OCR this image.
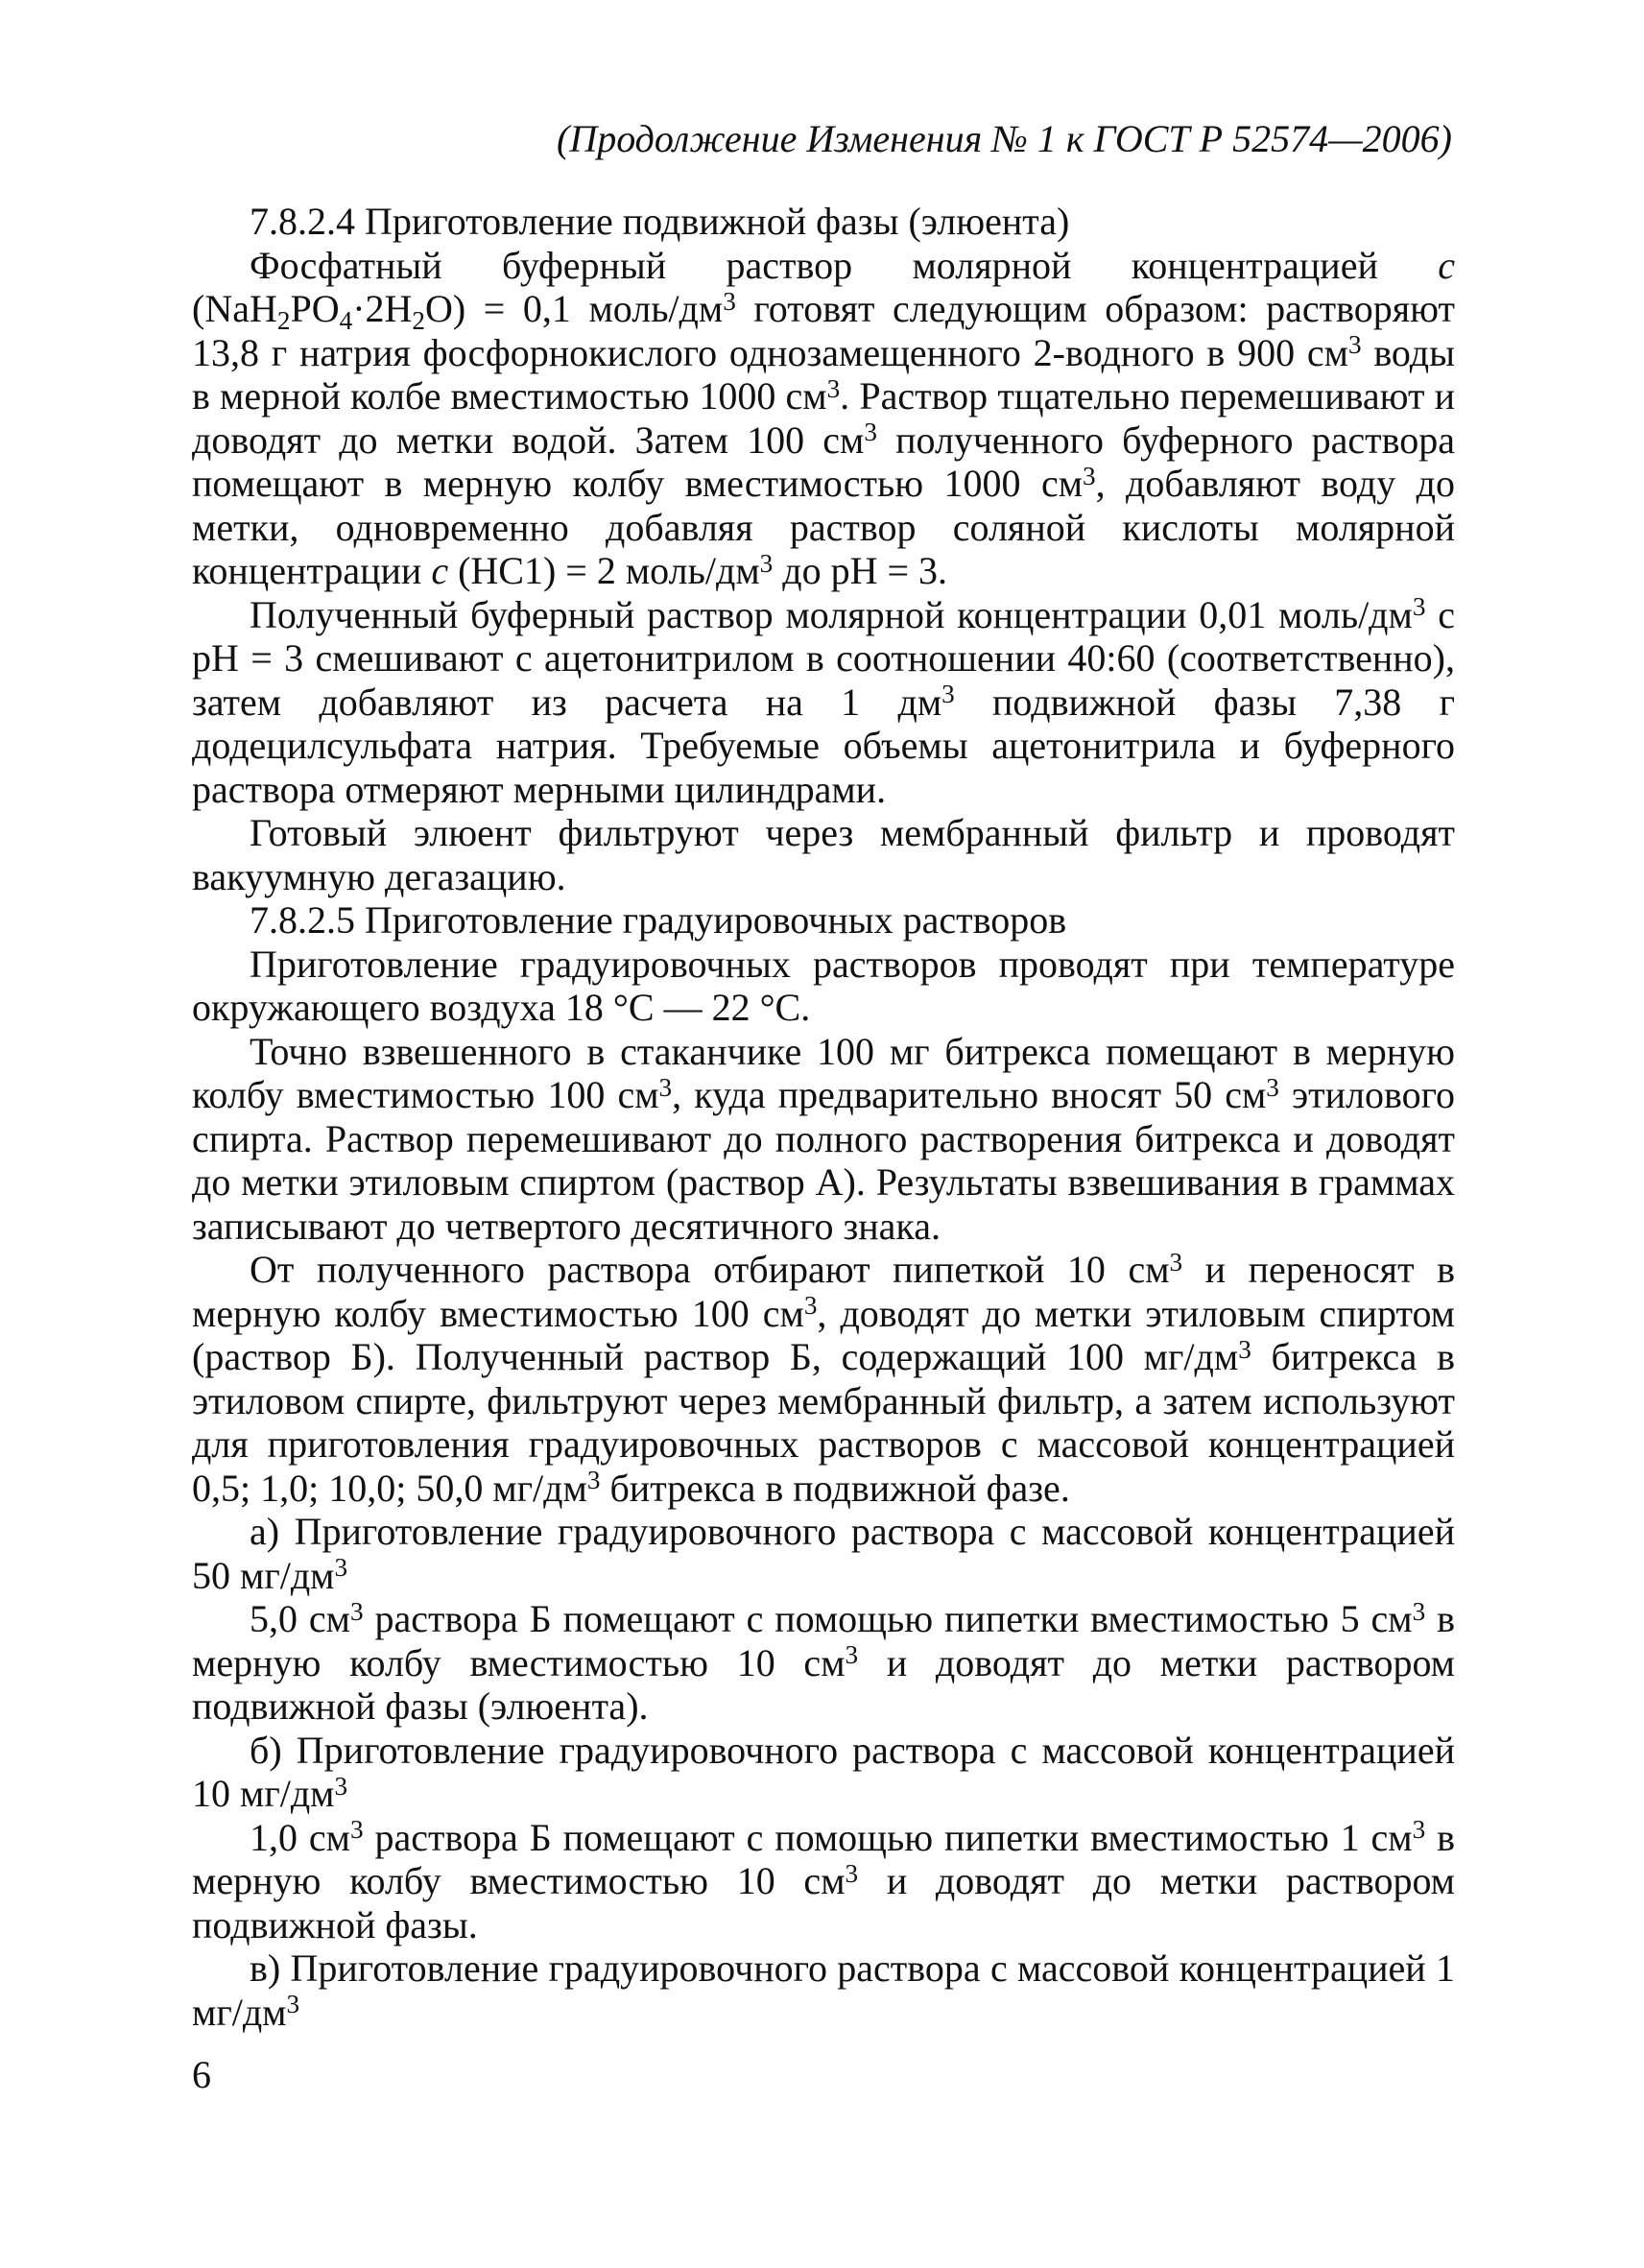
(Продолжение Изменения № 1 к ГОСТ Р 52574—2006)

7.8.2.4 Приготовление подвижной фазы (элюента)

Фосфатный буферный раствор молярной концентрацией c $(NaH_2PO_4\cdot 2H_2O) = 0,1$ моль/$дм^3$ готовят следующим образом: растворяют 13,8 г натрия фосфорнокислого однозамещенного 2-водного в 900 $см^3$ воды в мерной колбе вместимостью 1000 $см^3$. Раствор тщательно перемешивают и доводят до метки водой. Затем 100 $см^3$ полученного буферного раствора помещают в мерную колбу вместимостью 1000 $см^3$, добавляют воду до метки, одновременно добавляя раствор соляной кислоты молярной концентрации c (HC1) = 2 моль/$дм^3$ до pH = 3.

Полученный буферный раствор молярной концентрации 0,01 моль/$дм^3$ с pH = 3 смешивают с ацетонитрилом в соотношении 40:60 (соответственно), затем добавляют из расчета на 1 $дм^3$ подвижной фазы 7,38 г додецилсульфата натрия. Требуемые объемы ацетонитрила и буферного раствора отмеряют мерными цилиндрами.

Готовый элюент фильтруют через мембранный фильтр и проводят вакуумную дегазацию.

7.8.2.5 Приготовление градуировочных растворов

Приготовление градуировочных растворов проводят при температуре окружающего воздуха 18 °С — 22 °С.

Точно взвешенного в стаканчике 100 мг битрекса помещают в мерную колбу вместимостью 100 $см^3$, куда предварительно вносят 50 $см^3$ этилового спирта. Раствор перемешивают до полного растворения битрекса и доводят до метки этиловым спиртом (раствор А). Результаты взвешивания в граммах записывают до четвертого десятичного знака.

От полученного раствора отбирают пипеткой 10 $см^3$ и переносят в мерную колбу вместимостью 100 $см^3$, доводят до метки этиловым спиртом (раствор Б). Полученный раствор Б, содержащий 100 $мг/дм^3$ битрекса в этиловом спирте, фильтруют через мембранный фильтр, а затем используют для приготовления градуировочных растворов с массовой концентрацией 0,5; 1,0; 10,0; 50,0 $мг/дм^3$ битрекса в подвижной фазе.

а) Приготовление градуировочного раствора с массовой концентрацией 50 $мг/дм^3$

5,0 $см^3$ раствора Б помещают с помощью пипетки вместимостью 5 $см^3$ в мерную колбу вместимостью 10 $см^3$ и доводят до метки раствором подвижной фазы (элюента).

б) Приготовление градуировочного раствора с массовой концентрацией 10 $мг/дм^3$

1,0 $см^3$ раствора Б помещают с помощью пипетки вместимостью 1 $см^3$ в мерную колбу вместимостью 10 $см^3$ и доводят до метки раствором подвижной фазы.

в) Приготовление градуировочного раствора с массовой концентрацией 1 $мг/дм^3$

6
